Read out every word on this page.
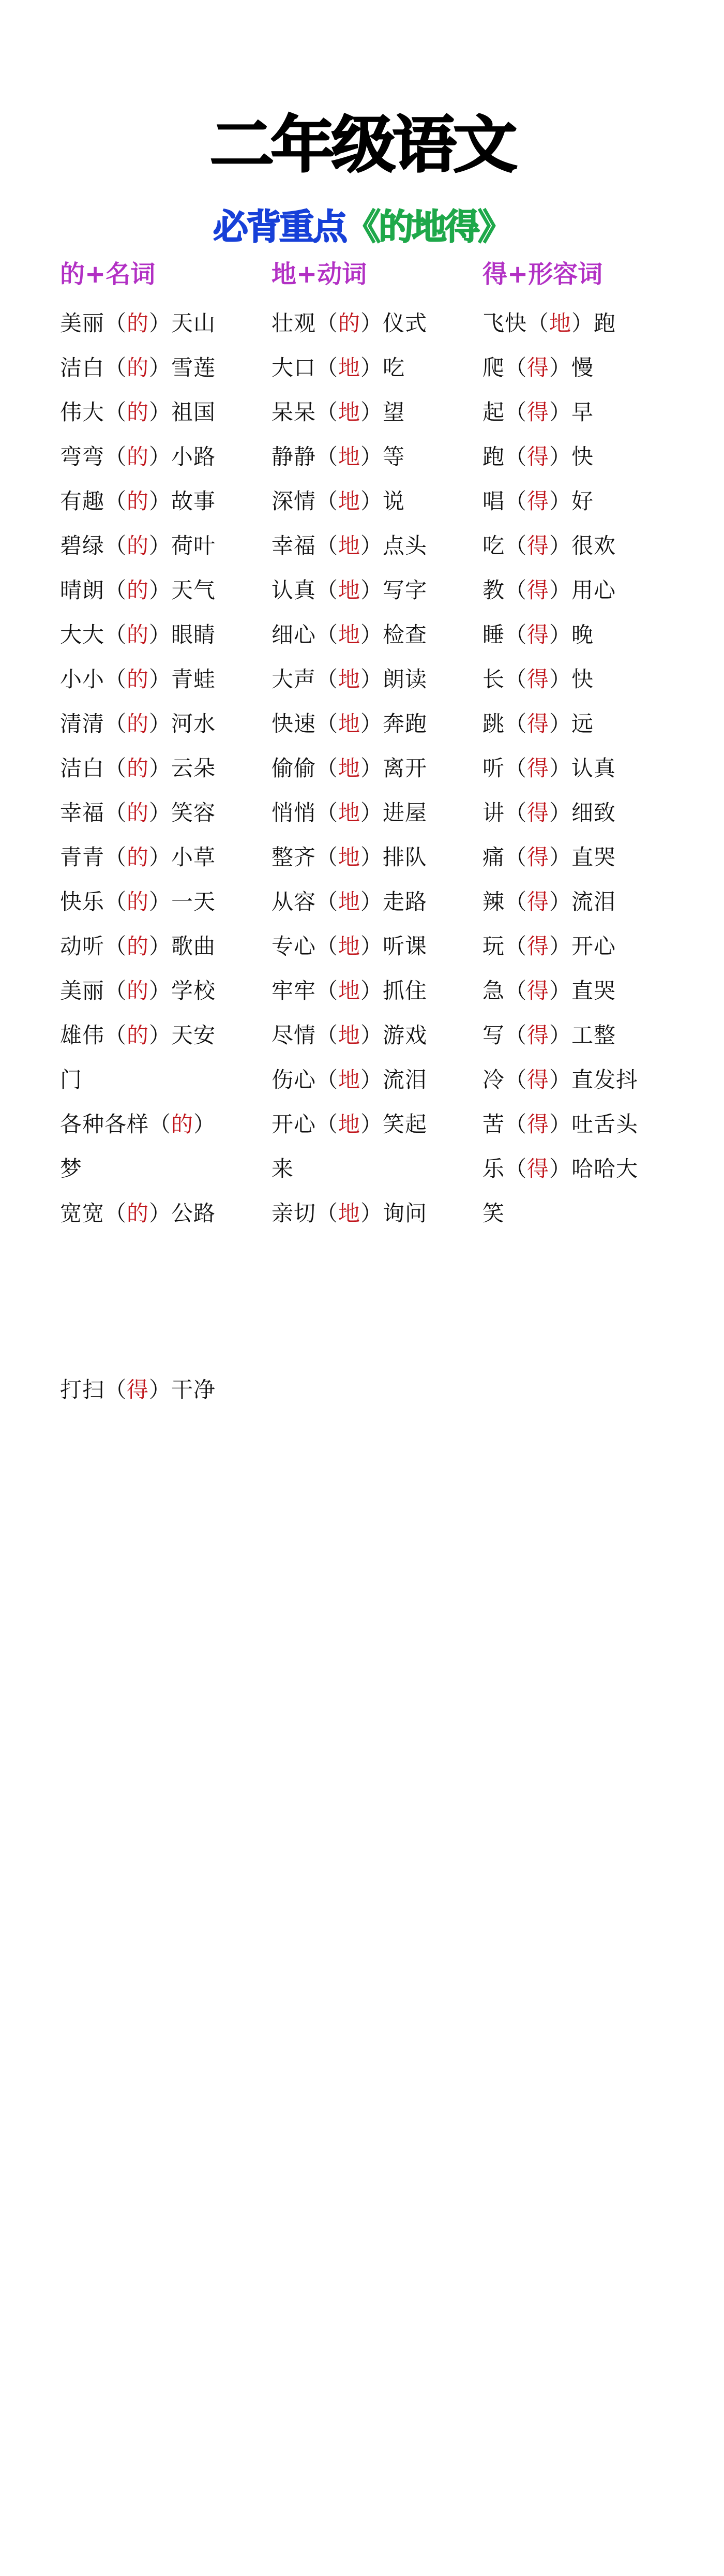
二年级语文
必背重点《的地得》
的+名词
美丽（的）天山
洁白（的）雪莲
伟大（的）祖国
弯弯（的）小路
有趣（的）故事
碧绿（的）荷叶
晴朗（的）天气
大大（的）眼睛
小小（的）青蛙
清清（的）河水
洁白（的）云朵
幸福（的）笑容
青青（的）小草
快乐（的）一天
动听（的）歌曲
美丽（的）学校
雄伟（的）天安
门
各种各样（的）
梦
宽宽（的）公路
地+动词
壮观（的）仪式
大口（地）吃
呆呆（地）望
静静（地）等
深情（地）说
幸福（地）点头
认真（地）写字
细心（地）检查
大声（地）朗读
快速（地）奔跑
偷偷（地）离开
悄悄（地）进屋
整齐（地）排队
从容（地）走路
专心（地）听课
牢牢（地）抓住
尽情（地）游戏
伤心（地）流泪
开心（地）笑起
来
亲切（地）询问
得+形容词
飞快（地）跑
爬（得）慢
起（得）早
跑（得）快
唱（得）好
吃（得）很欢
教（得）用心
睡（得）晚
长（得）快
跳（得）远
听（得）认真
讲（得）细致
痛（得）直哭
辣（得）流泪
玩（得）开心
急（得）直哭
写（得）工整
冷（得）直发抖
苦（得）吐舌头
乐（得）哈哈大
笑
打扫（得）干净
